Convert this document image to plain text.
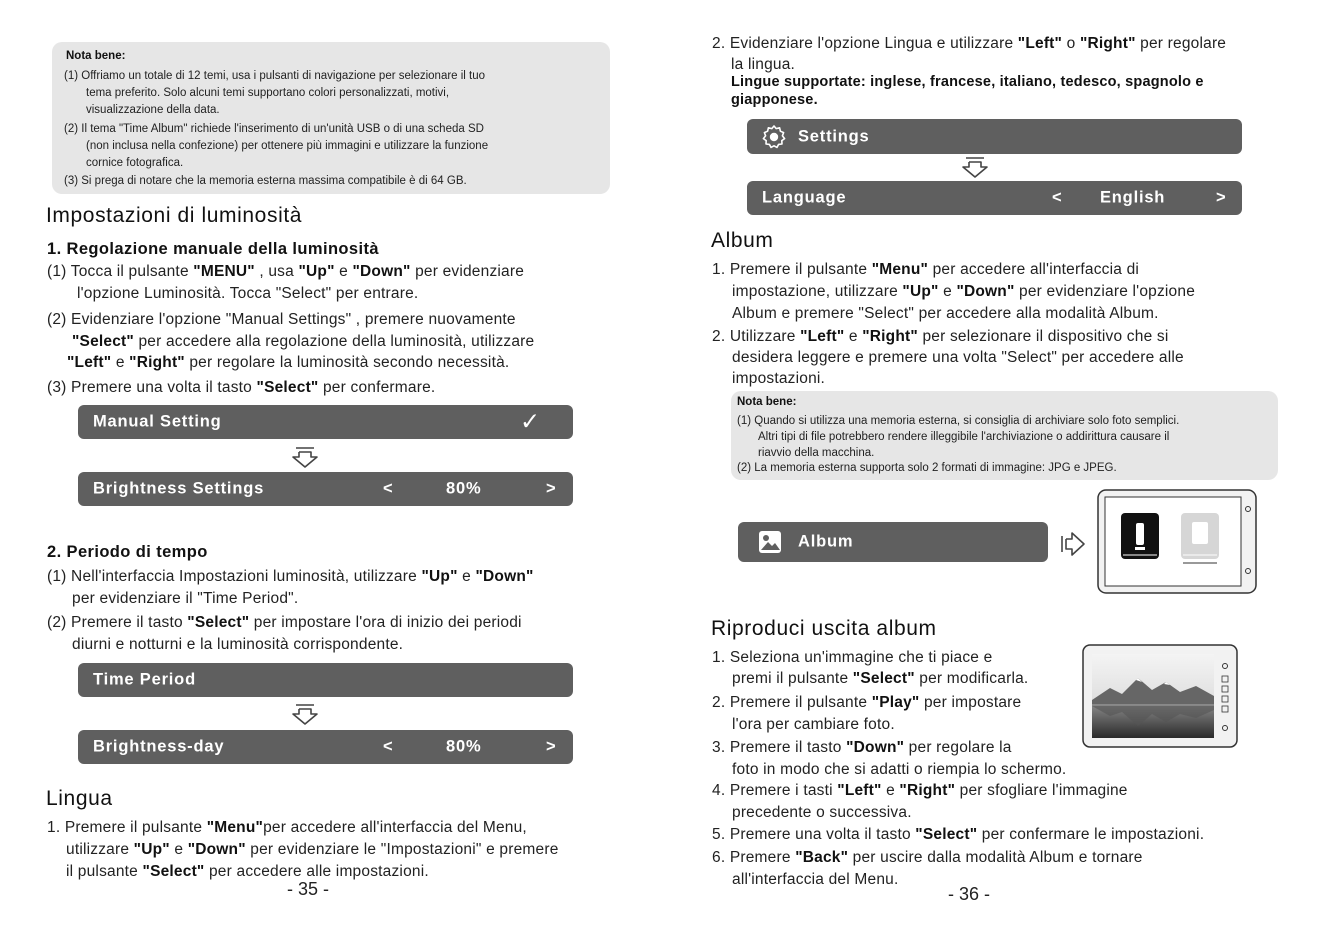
Nota bene:
(1) Offriamo un totale di 12 temi, usa i pulsanti di navigazione per selezionare il tuo
tema preferito. Solo alcuni temi supportano colori personalizzati, motivi,
visualizzazione della data.
(2) Il tema "Time Album" richiede l'inserimento di un'unità USB o di una scheda SD
(non inclusa nella confezione) per ottenere più immagini e utilizzare la funzione
cornice fotografica.
(3) Si prega di notare che la memoria esterna massima compatibile è di 64 GB.
Impostazioni di luminosità
1. Regolazione manuale della luminosità
(1) Tocca il pulsante "MENU" , usa "Up" e "Down" per evidenziare
l'opzione Luminosità. Tocca "Select" per entrare.
(2) Evidenziare l'opzione "Manual Settings" , premere nuovamente
"Select" per accedere alla regolazione della luminosità, utilizzare
"Left" e "Right" per regolare la luminosità secondo necessità.
(3) Premere una volta il tasto "Select" per confermare.
Manual Setting	✓
Brightness Settings	<	80%	>
2. Periodo di tempo
(1) Nell'interfaccia Impostazioni luminosità, utilizzare "Up" e "Down"
per evidenziare il "Time Period".
(2) Premere il tasto "Select" per impostare l'ora di inizio dei periodi
diurni e notturni e la luminosità corrispondente.
Time Period
Brightness-day	<	80%	>
Lingua
1. Premere il pulsante "Menu"per accedere all'interfaccia del Menu,
utilizzare "Up" e "Down" per evidenziare le "Impostazioni" e premere
il pulsante "Select" per accedere alle impostazioni.
- 35 -
2. Evidenziare l'opzione Lingua e utilizzare "Left" o "Right" per regolare
la lingua.
Lingue supportate: inglese, francese, italiano, tedesco, spagnolo e
giapponese.
Settings
Language	< English	>
Album
1. Premere il pulsante "Menu" per accedere all'interfaccia di
impostazione, utilizzare "Up" e "Down" per evidenziare l'opzione
Album e premere "Select" per accedere alla modalità Album.
2. Utilizzare "Left" e "Right" per selezionare il dispositivo che si
desidera leggere e premere una volta "Select" per accedere alle
impostazioni.
Nota bene:
(1) Quando si utilizza una memoria esterna, si consiglia di archiviare solo foto semplici.
Altri tipi di file potrebbero rendere illeggibile l'archiviazione o addirittura causare il
riavvio della macchina.
(2) La memoria esterna supporta solo 2 formati di immagine: JPG e JPEG.
Album
Riproduci uscita album
1. Seleziona un'immagine che ti piace e
premi il pulsante "Select" per modificarla.
2. Premere il pulsante "Play" per impostare
l'ora per cambiare foto.
3. Premere il tasto "Down" per regolare la
foto in modo che si adatti o riempia lo schermo.
4. Premere i tasti "Left" e "Right" per sfogliare l'immagine
precedente o successiva.
5. Premere una volta il tasto "Select" per confermare le impostazioni.
6. Premere "Back" per uscire dalla modalità Album e tornare
all'interfaccia del Menu.
- 36 -
